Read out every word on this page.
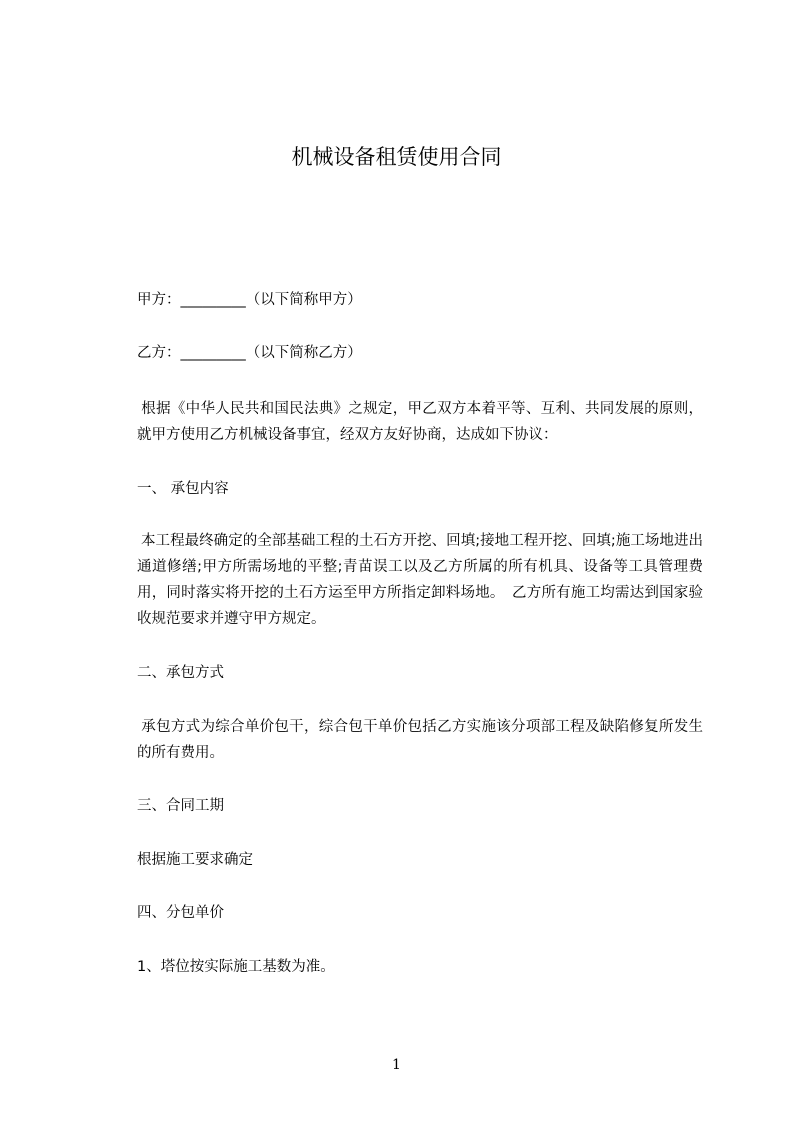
机械设备租赁使用合同
甲方：_________（以下简称甲方）
乙方：_________（以下简称乙方）
根据《中华人民共和国民法典》之规定，甲乙双方本着平等、互利、共同发展的原则，就甲方使用乙方机械设备事宜，经双方友好协商，达成如下协议：
一、 承包内容
本工程最终确定的全部基础工程的土石方开挖、回填;接地工程开挖、回填;施工场地进出通道修缮;甲方所需场地的平整;青苗误工以及乙方所属的所有机具、设备等工具管理费用，同时落实将开挖的土石方运至甲方所指定卸料场地。　乙方所有施工均需达到国家验收规范要求并遵守甲方规定。
二、承包方式
承包方式为综合单价包干，综合包干单价包括乙方实施该分项部工程及缺陷修复所发生的所有费用。
三、合同工期
根据施工要求确定
四、分包单价
1、塔位按实际施工基数为准。
1
